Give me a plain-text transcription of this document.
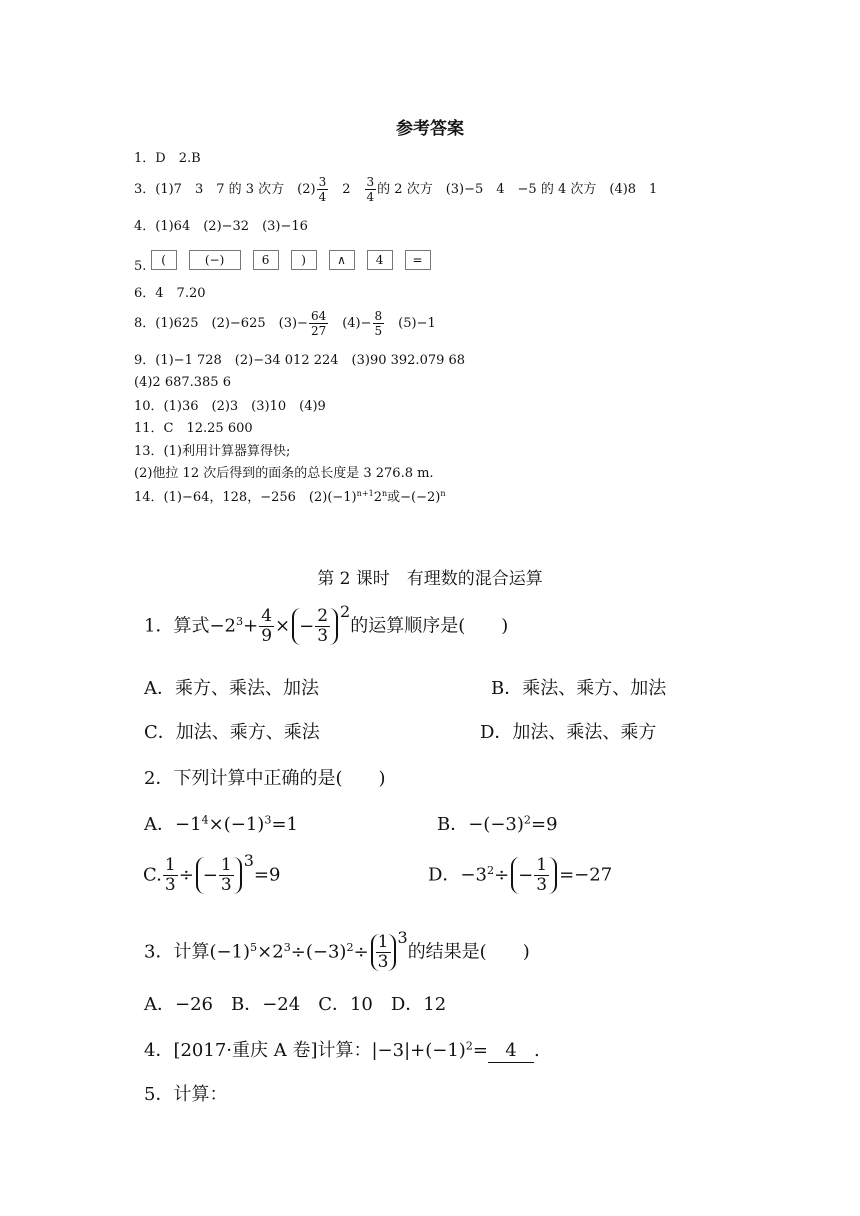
参考答案
1．D　2.B
3．(1)7　3　7 的 3 次方　$(2) \frac{3}{4}$ 　2　 $\frac{3}{4}$ 的 2 次方　(3)−5　4　−5 的 4 次方　(4)8　1
4．(1)64　(2)−32　(3)−16
5. (	(−)	6	)	∧ 4 =
6．4　7.20
8．(1)625　(2)−625　$(3)- \frac{64}{27}$ 　$(4)- \frac{8}{5}$ 　(5)−1
9．(1)−1 728　(2)−34 012 224　(3)90 392.079 68
(4)2 687.385 6
10．(1)36　(2)3　(3)10　(4)9
11．C　12.25 600
13．(1)利用计算器算得快;
(2)他拉 12 次后得到的面条的总长度是 3 276.8 m.
14．(1)−64，128，−256　$(2)(-1)^{n+1}2^n$或$-(-2)^n$
第 2 课时　有理数的混合运算
1．算式$-2^3+ \frac{4}{9}$ × − $\frac{2}{3} ^2$的运算顺序是(　　)
A．乘方、乘法、加法	B．乘法、乘方、加法
C．加法、乘方、乘法	D．加法、乘法、乘方
2．下列计算中正确的是(　　)
A．$-1^4\times(-1)^3=1$	B．$-(-3)^2=9$
C. $\frac{1}{3}$ ÷ − $\frac{1}{3} ^3=9$	D．$-3^2\div - \frac{1}{3} =-27$
3．计算$(-1)^5\times 2^3\div(-3)^2\div \frac{1}{3} ^3$的结果是(　　)
A．−26　B．−24　C．10　D．12
4．[2017·重庆 A 卷]计算：$|-3|+(-1)^2= 4$ .
5．计算：
